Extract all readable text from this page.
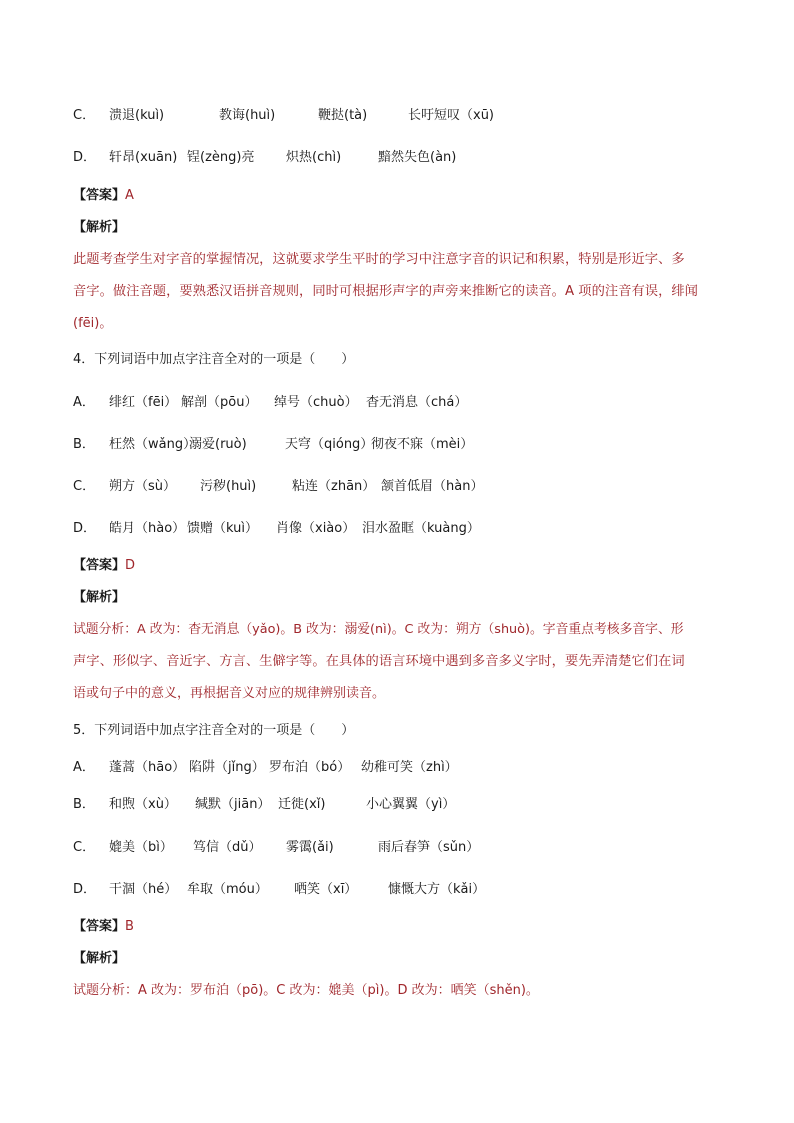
C． 溃退(kuì)	教诲(huì)	鞭挞(tà)	长吁短叹（xū)
D． 轩昂(xuān) 锃(zèng)亮 炽热(chì)	黯然失色(àn)
【答案】A
【解析】
此题考查学生对字音的掌握情况，这就要求学生平时的学习中注意字音的识记和积累，特别是形近字、多
音字。做注音题，要熟悉汉语拼音规则，同时可根据形声字的声旁来推断它的读音。A 项的注音有误，绯闻
(fēi)。
4．下列词语中加点字注音全对的一项是（　　）
A． 绯红（fēi） 解剖（pōu） 绰号（chuò） 杳无消息（chá）
B． 枉然（wǎng）溺爱(ruò)	天穹（qióng）彻夜不寐（mèi）
C． 朔方（sù） 污秽(huì)	粘连（zhān） 颔首低眉（hàn）
D． 皓月（hào） 馈赠（kuì） 肖像（xiào） 泪水盈眶（kuàng）
【答案】D
【解析】
试题分析：A 改为：杳无消息（yǎo)。B 改为：溺爱(nì)。C 改为：朔方（shuò)。字音重点考核多音字、形
声字、形似字、音近字、方言、生僻字等。在具体的语言环境中遇到多音多义字时，要先弄清楚它们在词
语或句子中的意义，再根据音义对应的规律辨别读音。
5．下列词语中加点字注音全对的一项是（　　）
A． 蓬蒿（hāo） 陷阱（jǐng） 罗布泊（bó） 幼稚可笑（zhì）
B． 和煦（xù） 缄默（jiān） 迁徙(xǐ)	小心翼翼（yì）
C． 媲美（bì） 笃信（dǔ） 雾霭(ǎi)	雨后春笋（sǔn）
D． 干涸（hé） 牟取（móu） 哂笑（xī） 慷慨大方（kǎi）
【答案】B
【解析】
试题分析：A 改为：罗布泊（pō)。C 改为：媲美（pì)。D 改为：哂笑（shěn)。
